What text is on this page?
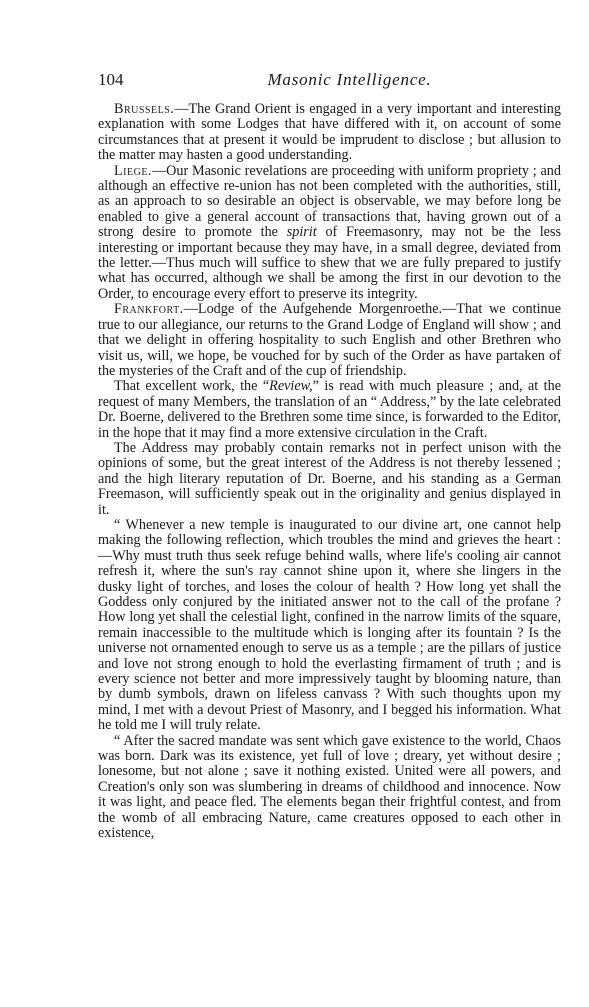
104	Masonic Intelligence.

Brussels.—The Grand Orient is engaged in a very important and interesting explanation with some Lodges that have differed with it, on account of some circumstances that at present it would be imprudent to disclose ; but allusion to the matter may hasten a good understanding.

Liege.—Our Masonic revelations are proceeding with uniform propriety ; and although an effective re-union has not been completed with the authorities, still, as an approach to so desirable an object is observable, we may before long be enabled to give a general account of transactions that, having grown out of a strong desire to promote the spirit of Freemasonry, may not be the less interesting or important because they may have, in a small degree, deviated from the letter.—Thus much will suffice to shew that we are fully prepared to justify what has occurred, although we shall be among the first in our devotion to the Order, to encourage every effort to preserve its integrity.

Frankfort.—Lodge of the Aufgehende Morgenroethe.—That we continue true to our allegiance, our returns to the Grand Lodge of England will show ; and that we delight in offering hospitality to such English and other Brethren who visit us, will, we hope, be vouched for by such of the Order as have partaken of the mysteries of the Craft and of the cup of friendship.

That excellent work, the “Review,” is read with much pleasure ; and, at the request of many Members, the translation of an “ Address,” by the late celebrated Dr. Boerne, delivered to the Brethren some time since, is forwarded to the Editor, in the hope that it may find a more extensive circulation in the Craft.

The Address may probably contain remarks not in perfect unison with the opinions of some, but the great interest of the Address is not thereby lessened ; and the high literary reputation of Dr. Boerne, and his standing as a German Freemason, will sufficiently speak out in the originality and genius displayed in it.

“ Whenever a new temple is inaugurated to our divine art, one cannot help making the following reflection, which troubles the mind and grieves the heart :—Why must truth thus seek refuge behind walls, where life's cooling air cannot refresh it, where the sun's ray cannot shine upon it, where she lingers in the dusky light of torches, and loses the colour of health ? How long yet shall the Goddess only conjured by the initiated answer not to the call of the profane ? How long yet shall the celestial light, confined in the narrow limits of the square, remain inaccessible to the multitude which is longing after its fountain ? Is the universe not ornamented enough to serve us as a temple ; are the pillars of justice and love not strong enough to hold the everlasting firmament of truth ; and is every science not better and more impressively taught by blooming nature, than by dumb symbols, drawn on lifeless canvass ? With such thoughts upon my mind, I met with a devout Priest of Masonry, and I begged his information. What he told me I will truly relate.

“ After the sacred mandate was sent which gave existence to the world, Chaos was born. Dark was its existence, yet full of love ; dreary, yet without desire ; lonesome, but not alone ; save it nothing existed. United were all powers, and Creation's only son was slumbering in dreams of childhood and innocence. Now it was light, and peace fled. The elements began their frightful contest, and from the womb of all embracing Nature, came creatures opposed to each other in existence,
